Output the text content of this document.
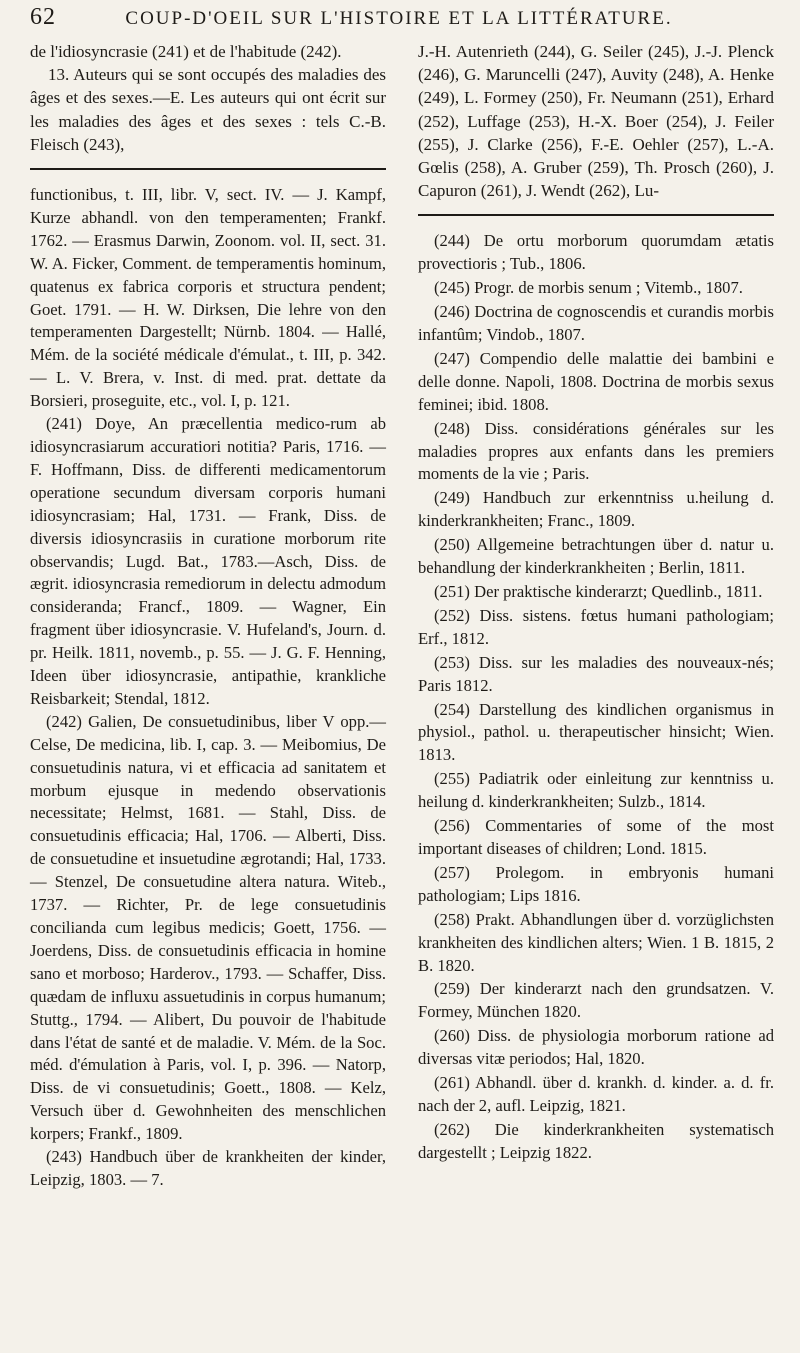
62	COUP-D'OEIL SUR L'HISTOIRE ET LA LITTÉRATURE.

de l'idiosyncrasie (241) et de l'habitude (242).

13. Auteurs qui se sont occupés des maladies des âges et des sexes.—E. Les auteurs qui ont écrit sur les maladies des âges et des sexes : tels C.-B. Fleisch (243),

functionibus, t. III, libr. V, sect. IV. — J. Kampf, Kurze abhandl. von den temperamenten; Frankf. 1762. — Erasmus Darwin, Zoonom. vol. II, sect. 31. W. A. Ficker, Comment. de temperamentis hominum, quatenus ex fabrica corporis et structura pendent; Goet. 1791. — H. W. Dirksen, Die lehre von den temperamenten Dargestellt; Nürnb. 1804. — Hallé, Mém. de la société médicale d'émulat., t. III, p. 342. — L. V. Brera, v. Inst. di med. prat. dettate da Borsieri, proseguite, etc., vol. I, p. 121.

(241) Doye, An præcellentia medico-rum ab idiosyncrasiarum accuratiori notitia? Paris, 1716. — F. Hoffmann, Diss. de differenti medicamentorum operatione secundum diversam corporis humani idiosyncrasiam; Hal, 1731. — Frank, Diss. de diversis idiosyncrasiis in curatione morborum rite observandis; Lugd. Bat., 1783.—Asch, Diss. de ægrit. idiosyncrasia remediorum in delectu admodum consideranda; Francf., 1809. — Wagner, Ein fragment über idiosyncrasie. V. Hufeland's, Journ. d. pr. Heilk. 1811, novemb., p. 55. — J. G. F. Henning, Ideen über idiosyncrasie, antipathie, krankliche Reisbarkeit; Stendal, 1812.

(242) Galien, De consuetudinibus, liber V opp.— Celse, De medicina, lib. I, cap. 3. — Meibomius, De consuetudinis natura, vi et efficacia ad sanitatem et morbum ejusque in medendo observationis necessitate; Helmst, 1681. — Stahl, Diss. de consuetudinis efficacia; Hal, 1706. — Alberti, Diss. de consuetudine et insuetudine ægrotandi; Hal, 1733. — Stenzel, De consuetudine altera natura. Witeb., 1737. — Richter, Pr. de lege consuetudinis concilianda cum legibus medicis; Goett, 1756. — Joerdens, Diss. de consuetudinis efficacia in homine sano et morboso; Harderov., 1793. — Schaffer, Diss. quædam de influxu assuetudinis in corpus humanum; Stuttg., 1794. — Alibert, Du pouvoir de l'habitude dans l'état de santé et de maladie. V. Mém. de la Soc. méd. d'émulation à Paris, vol. I, p. 396. — Natorp, Diss. de vi consuetudinis; Goett., 1808. — Kelz, Versuch über d. Gewohnheiten des menschlichen korpers; Frankf., 1809.

(243) Handbuch über de krankheiten der kinder, Leipzig, 1803. — 7.

J.-H. Autenrieth (244), G. Seiler (245), J.-J. Plenck (246), G. Maruncelli (247), Auvity (248), A. Henke (249), L. Formey (250), Fr. Neumann (251), Erhard (252), Luffage (253), H.-X. Boer (254), J. Feiler (255), J. Clarke (256), F.-E. Oehler (257), L.-A. Gœlis (258), A. Gruber (259), Th. Prosch (260), J. Capuron (261), J. Wendt (262), Lu-

(244) De ortu morborum quorumdam ætatis provectioris ; Tub., 1806.

(245) Progr. de morbis senum ; Vitemb., 1807.

(246) Doctrina de cognoscendis et curandis morbis infantûm; Vindob., 1807.

(247) Compendio delle malattie dei bambini e delle donne. Napoli, 1808. Doctrina de morbis sexus feminei; ibid. 1808.

(248) Diss. considérations générales sur les maladies propres aux enfants dans les premiers moments de la vie ; Paris.

(249) Handbuch zur erkenntniss u.heilung d. kinderkrankheiten; Franc., 1809.

(250) Allgemeine betrachtungen über d. natur u. behandlung der kinderkrankheiten ; Berlin, 1811.

(251) Der praktische kinderarzt; Quedlinb., 1811.

(252) Diss. sistens. fœtus humani pathologiam; Erf., 1812.

(253) Diss. sur les maladies des nouveaux-nés; Paris 1812.

(254) Darstellung des kindlichen organismus in physiol., pathol. u. therapeutischer hinsicht; Wien. 1813.

(255) Padiatrik oder einleitung zur kenntniss u. heilung d. kinderkrankheiten; Sulzb., 1814.

(256) Commentaries of some of the most important diseases of children; Lond. 1815.

(257) Prolegom. in embryonis humani pathologiam; Lips 1816.

(258) Prakt. Abhandlungen über d. vorzüglichsten krankheiten des kindlichen alters; Wien. 1 B. 1815, 2 B. 1820.

(259) Der kinderarzt nach den grundsatzen. V. Formey, München 1820.

(260) Diss. de physiologia morborum ratione ad diversas vitæ periodos; Hal, 1820.

(261) Abhandl. über d. krankh. d. kinder. a. d. fr. nach der 2, aufl. Leipzig, 1821.

(262) Die kinderkrankheiten systematisch dargestellt ; Leipzig 1822.
